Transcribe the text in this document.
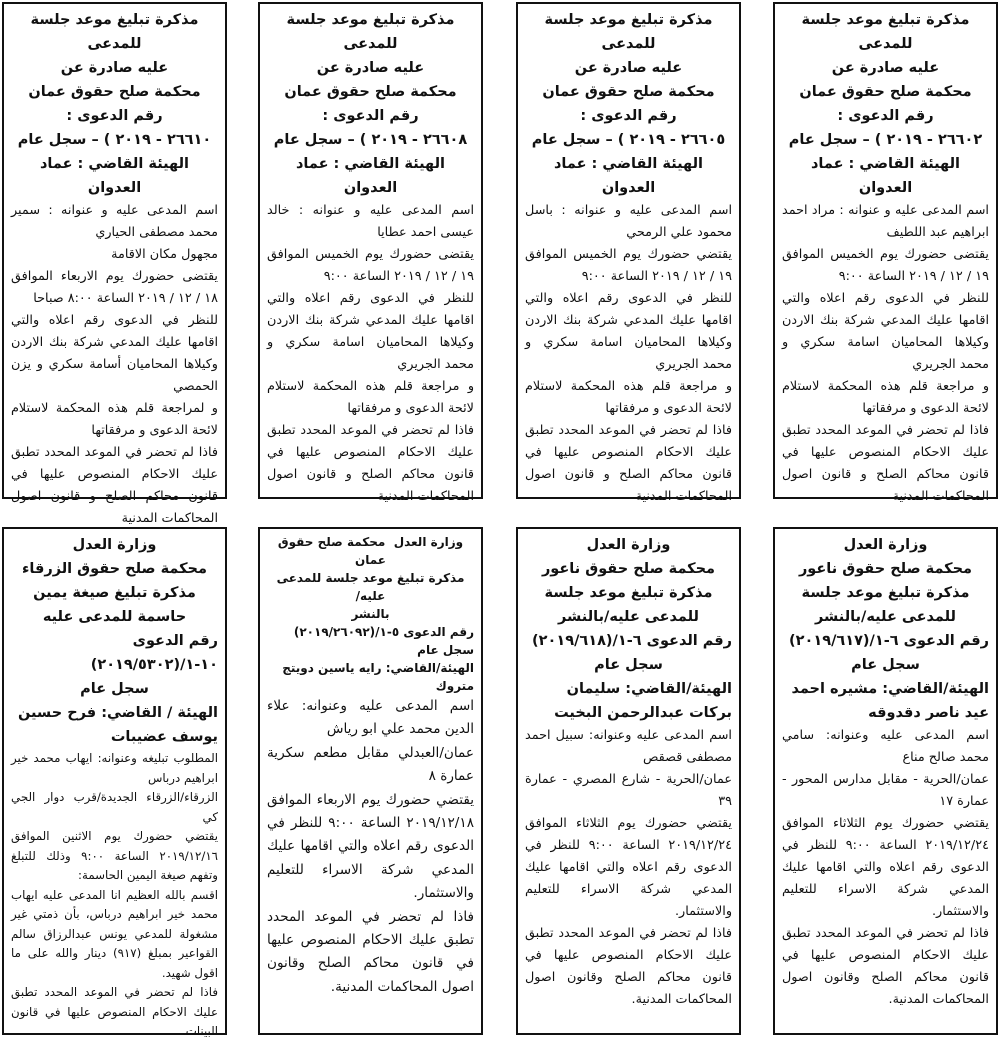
مذكرة تبليغ موعد جلسة للمدعى
عليه صادرة عن
محكمة صلح حقوق عمان
رقم الدعوى :
٢٦٦٠٢ - ٢٠١٩ ) – سجل عام
الهيئة القاضي : عماد العدوان

اسم المدعى عليه و عنوانه : مراد احمد ابراهيم عبد اللطيف

يقتضى حضورك يوم الخميس الموافق ١٩ / ١٢ / ٢٠١٩ الساعة ٩:٠٠

للنظر في الدعوى رقم اعلاه والتي اقامها عليك المدعي شركة بنك الاردن وكيلاها المحاميان اسامة سكري و محمد الجريري

و مراجعة قلم هذه المحكمة لاستلام لائحة الدعوى و مرفقاتها

فاذا لم تحضر في الموعد المحدد تطبق عليك الاحكام المنصوص عليها في قانون محاكم الصلح و قانون اصول المحاكمات المدنية

مذكرة تبليغ موعد جلسة للمدعى
عليه صادرة عن
محكمة صلح حقوق عمان
رقم الدعوى :
٢٦٦٠٥ - ٢٠١٩ ) – سجل عام
الهيئة القاضي : عماد العدوان

اسم المدعى عليه و عنوانه : باسل محمود علي الرمحي

يقتضي حضورك يوم الخميس الموافق ١٩ / ١٢ / ٢٠١٩ الساعة ٩:٠٠

للنظر في الدعوى رقم اعلاه والتي اقامها عليك المدعي شركة بنك الاردن وكيلاها المحاميان اسامة سكري و محمد الجريري

و مراجعة قلم هذه المحكمة لاستلام لائحة الدعوى و مرفقاتها

فاذا لم تحضر في الموعد المحدد تطبق عليك الاحكام المنصوص عليها في قانون محاكم الصلح و قانون اصول المحاكمات المدنية

مذكرة تبليغ موعد جلسة للمدعى
عليه صادرة عن
محكمة صلح حقوق عمان
رقم الدعوى :
٢٦٦٠٨ - ٢٠١٩ ) – سجل عام
الهيئة القاضي : عماد العدوان

اسم المدعى عليه و عنوانه : خالد عيسى احمد عطايا

يقتضى حضورك يوم الخميس الموافق ١٩ / ١٢ / ٢٠١٩ الساعة ٩:٠٠

للنظر في الدعوى رقم اعلاه والتي اقامها عليك المدعي شركة بنك الاردن وكيلاها المحاميان اسامة سكري و محمد الجريري

و مراجعة قلم هذه المحكمة لاستلام لائحة الدعوى و مرفقاتها

فاذا لم تحضر في الموعد المحدد تطبق عليك الاحكام المنصوص عليها في قانون محاكم الصلح و قانون اصول المحاكمات المدنية

مذكرة تبليغ موعد جلسة للمدعى
عليه صادرة عن
محكمة صلح حقوق عمان
رقم الدعوى :
٢٦٦١٠ - ٢٠١٩ ) – سجل عام
الهيئة القاضي : عماد العدوان

اسم المدعى عليه و عنوانه : سمير محمد مصطفى الحياري

مجهول مكان الاقامة

يقتضى حضورك يوم الاربعاء الموافق ١٨ / ١٢ / ٢٠١٩ الساعة ٨:٠٠ صباحا

للنظر في الدعوى رقم اعلاه والتي اقامها عليك المدعي شركة بنك الاردن وكيلاها المحاميان أسامة سكري و يزن الحمصي

و لمراجعة قلم هذه المحكمة لاستلام لائحة الدعوى و مرفقاتها

فاذا لم تحضر في الموعد المحدد تطبق عليك الاحكام المنصوص عليها في قانون محاكم الصلح و قانون اصول المحاكمات المدنية

وزارة العدل
محكمة صلح حقوق ناعور
مذكرة تبليغ موعد جلسة للمدعى عليه/بالنشر
رقم الدعوى ٦-١/(٢٠١٩/٦١٧)
سجل عام
الهيئة/القاضي: مشيره احمد عيد ناصر دقدوقه

اسم المدعى عليه وعنوانه: سامي محمد صالح مناع

عمان/الحرية - مقابل مدارس المحور - عمارة ١٧

يقتضي حضورك يوم الثلاثاء الموافق ٢٠١٩/١٢/٢٤ الساعة ٩:٠٠ للنظر في الدعوى رقم اعلاه والتي اقامها عليك المدعي شركة الاسراء للتعليم والاستثمار.

فاذا لم تحضر في الموعد المحدد تطبق عليك الاحكام المنصوص عليها في قانون محاكم الصلح وقانون اصول المحاكمات المدنية.

وزارة العدل
محكمة صلح حقوق ناعور
مذكرة تبليغ موعد جلسة للمدعى عليه/بالنشر
رقم الدعوى ٦-١/(٢٠١٩/٦١٨)
سجل عام
الهيئة/القاضي: سليمان بركات عبدالرحمن البخيت

اسم المدعى عليه وعنوانه: سبيل احمد مصطفى قصقص

عمان/الحرية - شارع المصري - عمارة ٣٩

يقتضي حضورك يوم الثلاثاء الموافق ٢٠١٩/١٢/٢٤ الساعة ٩:٠٠ للنظر في الدعوى رقم اعلاه والتي اقامها عليك المدعي شركة الاسراء للتعليم والاستثمار.

فاذا لم تحضر في الموعد المحدد تطبق عليك الاحكام المنصوص عليها في قانون محاكم الصلح وقانون اصول المحاكمات المدنية.

وزارة العدل  محكمة صلح حقوق عمان
مذكرة تبليغ موعد جلسة للمدعى عليه/
بالنشر
رقم الدعوى ٥-١/(٢٠١٩/٢٦٠٩٢)
سجل عام
الهيئة/القاضي: رايه ياسين دويتج متروك

اسم المدعى عليه وعنوانه: علاء الدين محمد علي ابو رياش

عمان/العبدلي مقابل مطعم سكرية عمارة ٨

يقتضي حضورك يوم الاربعاء الموافق ٢٠١٩/١٢/١٨ الساعة ٩:٠٠ للنظر في الدعوى رقم اعلاه والتي اقامها عليك المدعي شركة الاسراء للتعليم والاستثمار.

فاذا لم تحضر في الموعد المحدد تطبق عليك الاحكام المنصوص عليها في قانون محاكم الصلح وقانون اصول المحاكمات المدنية.

وزارة العدل
محكمة صلح حقوق الزرقاء
مذكرة تبليغ صيغة يمين حاسمة للمدعى عليه
رقم الدعوى ١٠-١/(٢٠١٩/٥٣٠٢)
سجل عام
الهيئة / القاضي: فرح حسين يوسف عضيبات

المطلوب تبليغه وعنوانه: ايهاب محمد خير ابراهيم درباس

الزرقاء/الزرقاء الجديدة/قرب دوار الجي كي

يقتضي حضورك يوم الاثنين الموافق ٢٠١٩/١٢/١٦ الساعة ٩:٠٠ وذلك للتبلغ وتفهم صيغة اليمين الحاسمة:

اقسم بالله العظيم انا المدعى عليه ايهاب محمد خير ابراهيم درباس، بأن ذمتي غير مشغولة للمدعي يونس عبدالرزاق سالم القواعير بمبلغ (٩١٧) دينار والله على ما اقول شهيد.

فاذا لم تحضر في الموعد المحدد تطبق عليك الاحكام المنصوص عليها في قانون البينات.
